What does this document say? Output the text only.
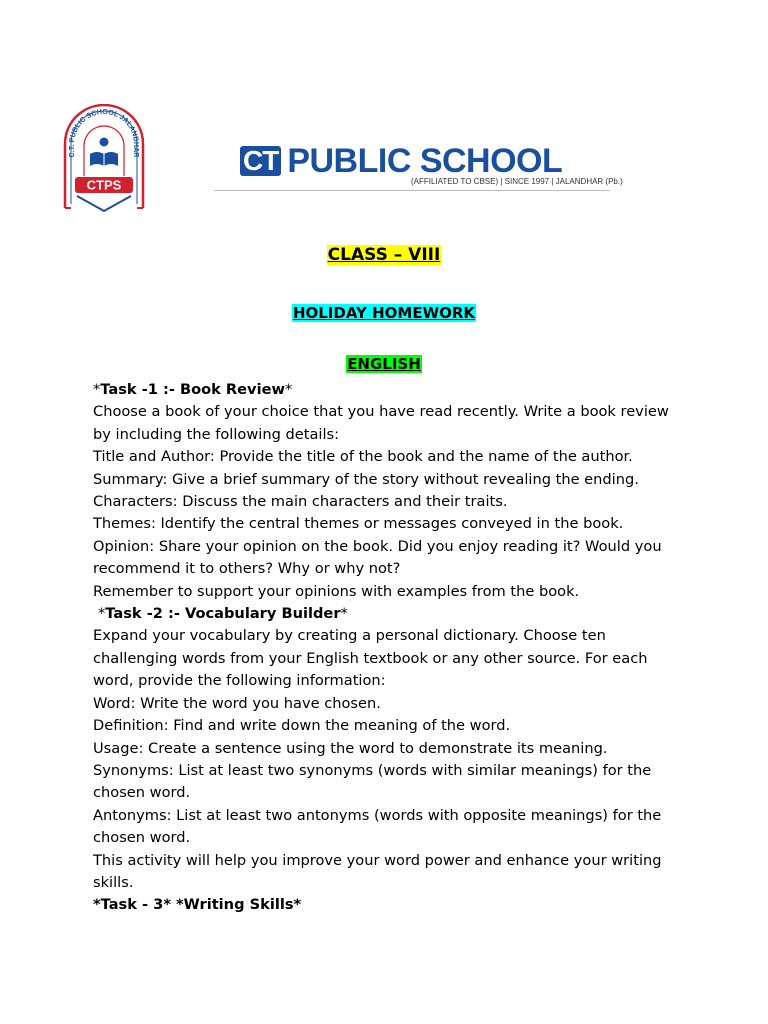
C.T. PUBLIC SCHOOL JALANDHAR
CTPS
CT PUBLIC SCHOOL
(AFFILIATED TO CBSE) | SINCE 1997 | JALANDHAR (Pb.)
CLASS – VIII
HOLIDAY HOMEWORK
ENGLISH
*Task -1 :- Book Review*
Choose a book of your choice that you have read recently. Write a book review
by including the following details:
Title and Author: Provide the title of the book and the name of the author.
Summary: Give a brief summary of the story without revealing the ending.
Characters: Discuss the main characters and their traits.
Themes: Identify the central themes or messages conveyed in the book.
Opinion: Share your opinion on the book. Did you enjoy reading it? Would you
recommend it to others? Why or why not?
Remember to support your opinions with examples from the book.
*Task -2 :- Vocabulary Builder*
Expand your vocabulary by creating a personal dictionary. Choose ten
challenging words from your English textbook or any other source. For each
word, provide the following information:
Word: Write the word you have chosen.
Definition: Find and write down the meaning of the word.
Usage: Create a sentence using the word to demonstrate its meaning.
Synonyms: List at least two synonyms (words with similar meanings) for the
chosen word.
Antonyms: List at least two antonyms (words with opposite meanings) for the
chosen word.
This activity will help you improve your word power and enhance your writing
skills.
*Task - 3* *Writing Skills*
